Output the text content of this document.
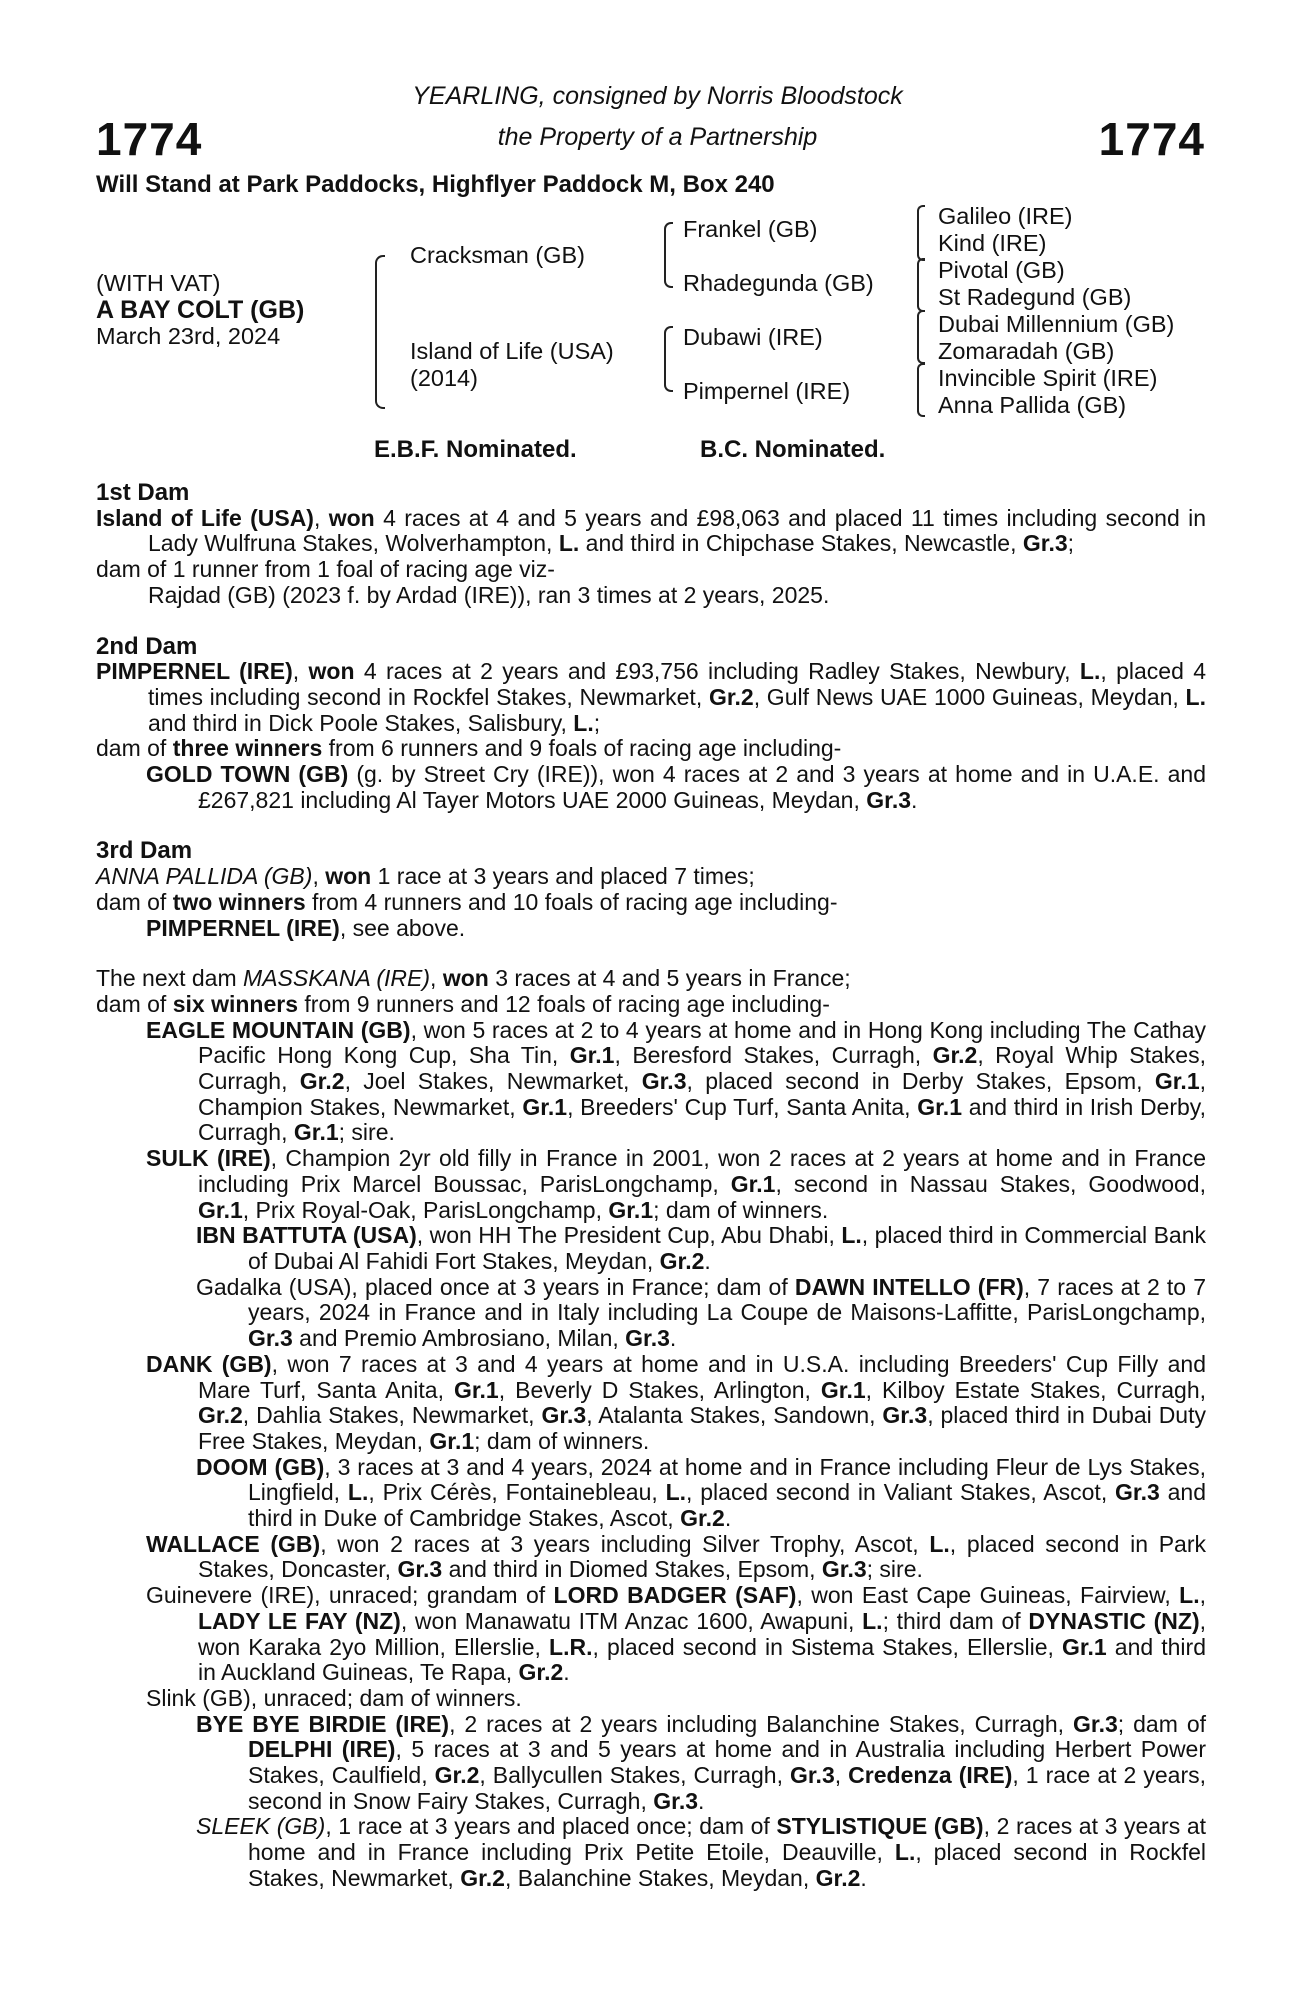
1774	1774
YEARLING, consigned by Norris Bloodstock
the Property of a Partnership
Will Stand at Park Paddocks, Highflyer Paddock M, Box 240
(WITH VAT)
A BAY COLT (GB)
March 23rd, 2024
Cracksman (GB)
Island of Life (USA)
(2014)
Frankel (GB)
Rhadegunda (GB)
Dubawi (IRE)
Pimpernel (IRE)
Galileo (IRE)
Kind (IRE)
Pivotal (GB)
St Radegund (GB)
Dubai Millennium (GB)
Zomaradah (GB)
Invincible Spirit (IRE)
Anna Pallida (GB)
E.B.F. Nominated.	B.C. Nominated.

1st Dam

Island of Life (USA), won 4 races at 4 and 5 years and £98,063 and placed 11 times including second in Lady Wulfruna Stakes, Wolverhampton, L. and third in Chipchase Stakes, Newcastle, Gr.3;

dam of 1 runner from 1 foal of racing age viz-

Rajdad (GB) (2023 f. by Ardad (IRE)), ran 3 times at 2 years, 2025.

2nd Dam

PIMPERNEL (IRE), won 4 races at 2 years and £93,756 including Radley Stakes, Newbury, L., placed 4 times including second in Rockfel Stakes, Newmarket, Gr.2, Gulf News UAE 1000 Guineas, Meydan, L. and third in Dick Poole Stakes, Salisbury, L.;

dam of three winners from 6 runners and 9 foals of racing age including-

GOLD TOWN (GB) (g. by Street Cry (IRE)), won 4 races at 2 and 3 years at home and in U.A.E. and £267,821 including Al Tayer Motors UAE 2000 Guineas, Meydan, Gr.3.

3rd Dam

ANNA PALLIDA (GB), won 1 race at 3 years and placed 7 times;

dam of two winners from 4 runners and 10 foals of racing age including-

PIMPERNEL (IRE), see above.

The next dam MASSKANA (IRE), won 3 races at 4 and 5 years in France;

dam of six winners from 9 runners and 12 foals of racing age including-

EAGLE MOUNTAIN (GB), won 5 races at 2 to 4 years at home and in Hong Kong including The Cathay Pacific Hong Kong Cup, Sha Tin, Gr.1, Beresford Stakes, Curragh, Gr.2, Royal Whip Stakes, Curragh, Gr.2, Joel Stakes, Newmarket, Gr.3, placed second in Derby Stakes, Epsom, Gr.1, Champion Stakes, Newmarket, Gr.1, Breeders' Cup Turf, Santa Anita, Gr.1 and third in Irish Derby, Curragh, Gr.1; sire.

SULK (IRE), Champion 2yr old filly in France in 2001, won 2 races at 2 years at home and in France including Prix Marcel Boussac, ParisLongchamp, Gr.1, second in Nassau Stakes, Goodwood, Gr.1, Prix Royal-Oak, ParisLongchamp, Gr.1; dam of winners.

IBN BATTUTA (USA), won HH The President Cup, Abu Dhabi, L., placed third in Commercial Bank of Dubai Al Fahidi Fort Stakes, Meydan, Gr.2.

Gadalka (USA), placed once at 3 years in France; dam of DAWN INTELLO (FR), 7 races at 2 to 7 years, 2024 in France and in Italy including La Coupe de Maisons-Laffitte, ParisLongchamp, Gr.3 and Premio Ambrosiano, Milan, Gr.3.

DANK (GB), won 7 races at 3 and 4 years at home and in U.S.A. including Breeders' Cup Filly and Mare Turf, Santa Anita, Gr.1, Beverly D Stakes, Arlington, Gr.1, Kilboy Estate Stakes, Curragh, Gr.2, Dahlia Stakes, Newmarket, Gr.3, Atalanta Stakes, Sandown, Gr.3, placed third in Dubai Duty Free Stakes, Meydan, Gr.1; dam of winners.

DOOM (GB), 3 races at 3 and 4 years, 2024 at home and in France including Fleur de Lys Stakes, Lingfield, L., Prix Cérès, Fontainebleau, L., placed second in Valiant Stakes, Ascot, Gr.3 and third in Duke of Cambridge Stakes, Ascot, Gr.2.

WALLACE (GB), won 2 races at 3 years including Silver Trophy, Ascot, L., placed second in Park Stakes, Doncaster, Gr.3 and third in Diomed Stakes, Epsom, Gr.3; sire.

Guinevere (IRE), unraced; grandam of LORD BADGER (SAF), won East Cape Guineas, Fairview, L., LADY LE FAY (NZ), won Manawatu ITM Anzac 1600, Awapuni, L.; third dam of DYNASTIC (NZ), won Karaka 2yo Million, Ellerslie, L.R., placed second in Sistema Stakes, Ellerslie, Gr.1 and third in Auckland Guineas, Te Rapa, Gr.2.

Slink (GB), unraced; dam of winners.

BYE BYE BIRDIE (IRE), 2 races at 2 years including Balanchine Stakes, Curragh, Gr.3; dam of DELPHI (IRE), 5 races at 3 and 5 years at home and in Australia including Herbert Power Stakes, Caulfield, Gr.2, Ballycullen Stakes, Curragh, Gr.3, Credenza (IRE), 1 race at 2 years, second in Snow Fairy Stakes, Curragh, Gr.3.

SLEEK (GB), 1 race at 3 years and placed once; dam of STYLISTIQUE (GB), 2 races at 3 years at home and in France including Prix Petite Etoile, Deauville, L., placed second in Rockfel Stakes, Newmarket, Gr.2, Balanchine Stakes, Meydan, Gr.2.
